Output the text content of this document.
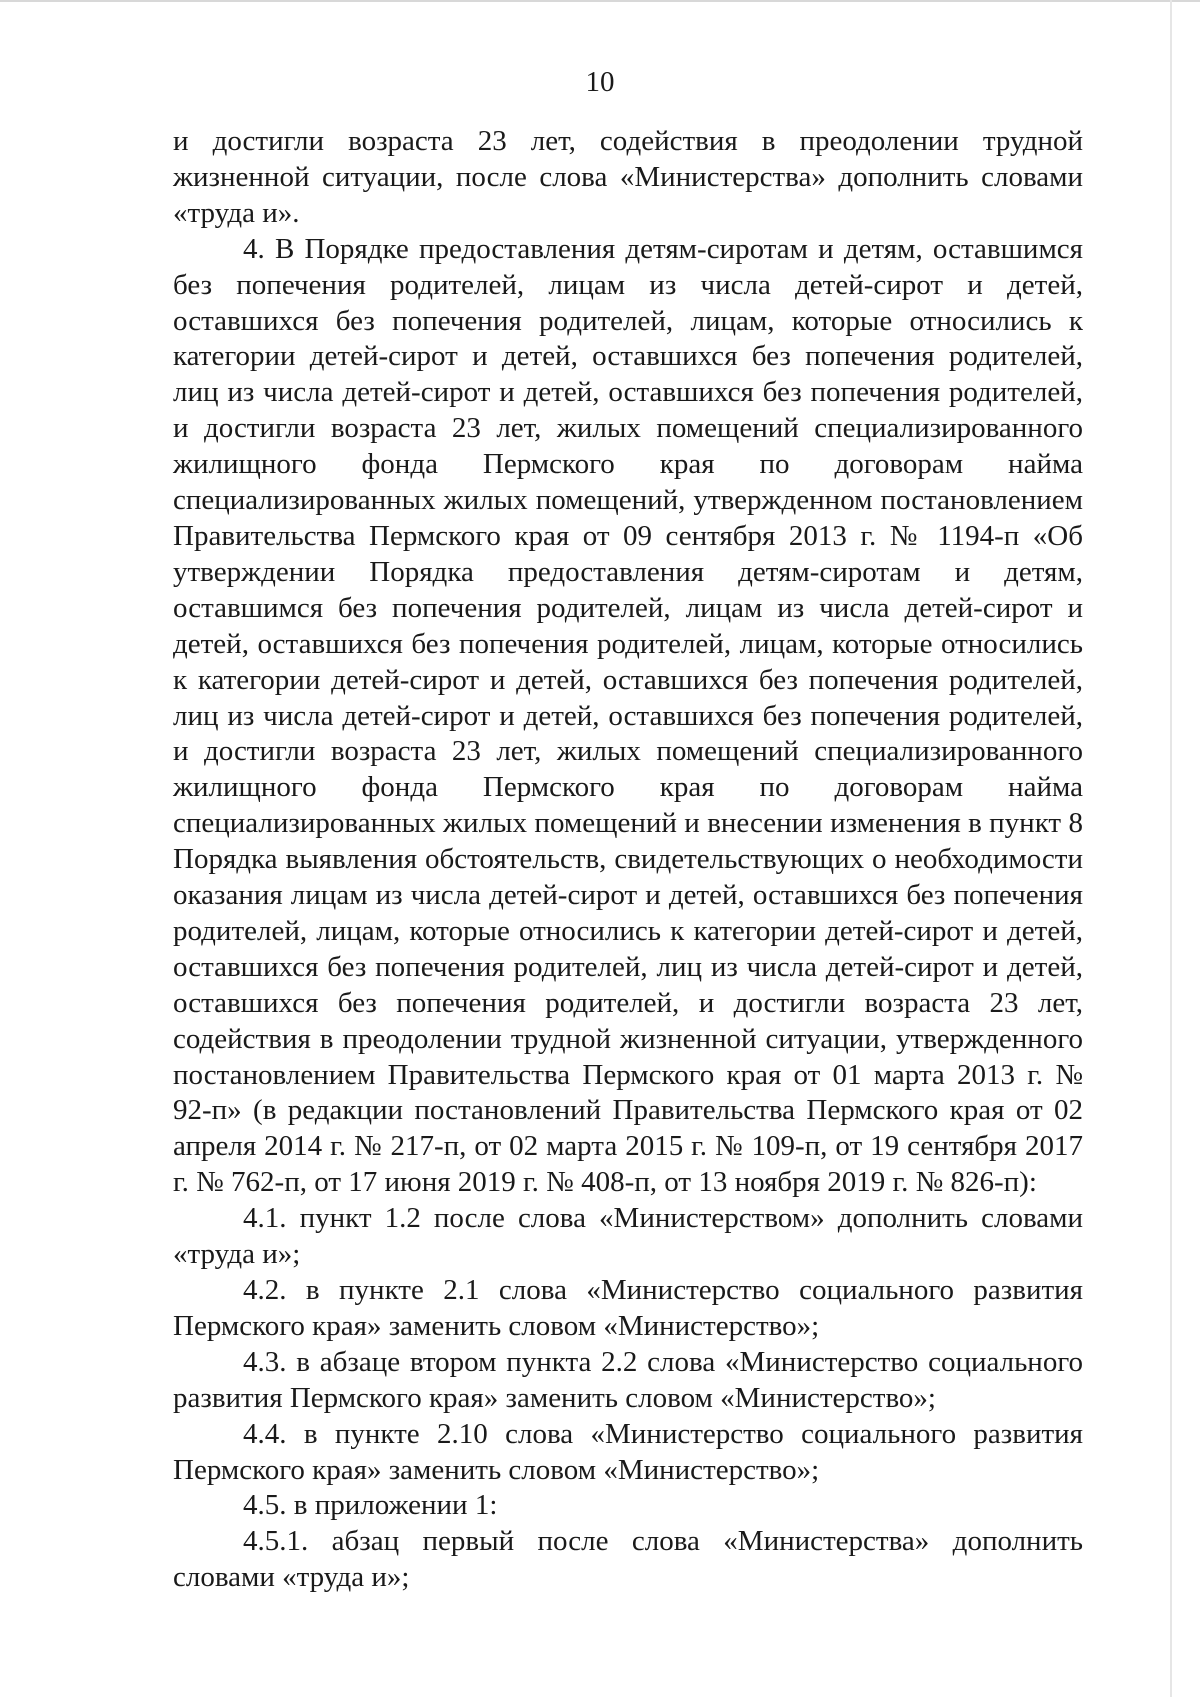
10

и достигли возраста 23 лет, содействия в преодолении трудной жизненной ситуации, после слова «Министерства» дополнить словами «труда и».

4. В Порядке предоставления детям-сиротам и детям, оставшимся без попечения родителей, лицам из числа детей-сирот и детей, оставшихся без попечения родителей, лицам, которые относились к категории детей-сирот и детей, оставшихся без попечения родителей, лиц из числа детей-сирот и детей, оставшихся без попечения родителей, и достигли возраста 23 лет, жилых помещений специализированного жилищного фонда Пермского края по договорам найма специализированных жилых помещений, утвержденном постановлением Правительства Пермского края от 09 сентября 2013 г. № 1194-п «Об утверждении Порядка предоставления детям-сиротам и детям, оставшимся без попечения родителей, лицам из числа детей-сирот и детей, оставшихся без попечения родителей, лицам, которые относились к категории детей-сирот и детей, оставшихся без попечения родителей, лиц из числа детей-сирот и детей, оставшихся без попечения родителей, и достигли возраста 23 лет, жилых помещений специализированного жилищного фонда Пермского края по договорам найма специализированных жилых помещений и внесении изменения в пункт 8 Порядка выявления обстоятельств, свидетельствующих о необходимости оказания лицам из числа детей-сирот и детей, оставшихся без попечения родителей, лицам, которые относились к категории детей-сирот и детей, оставшихся без попечения родителей, лиц из числа детей-сирот и детей, оставшихся без попечения родителей, и достигли возраста 23 лет, содействия в преодолении трудной жизненной ситуации, утвержденного постановлением Правительства Пермского края от 01 марта 2013 г. № 92-п» (в редакции постановлений Правительства Пермского края от 02 апреля 2014 г. № 217-п, от 02 марта 2015 г. № 109-п, от 19 сентября 2017 г. № 762-п, от 17 июня 2019 г. № 408-п, от 13 ноября 2019 г. № 826-п):

4.1. пункт 1.2 после слова «Министерством» дополнить словами «труда и»;

4.2. в пункте 2.1 слова «Министерство социального развития Пермского края» заменить словом «Министерство»;

4.3. в абзаце втором пункта 2.2 слова «Министерство социального развития Пермского края» заменить словом «Министерство»;

4.4. в пункте 2.10 слова «Министерство социального развития Пермского края» заменить словом «Министерство»;

4.5. в приложении 1:

4.5.1. абзац первый после слова «Министерства» дополнить словами «труда и»;
